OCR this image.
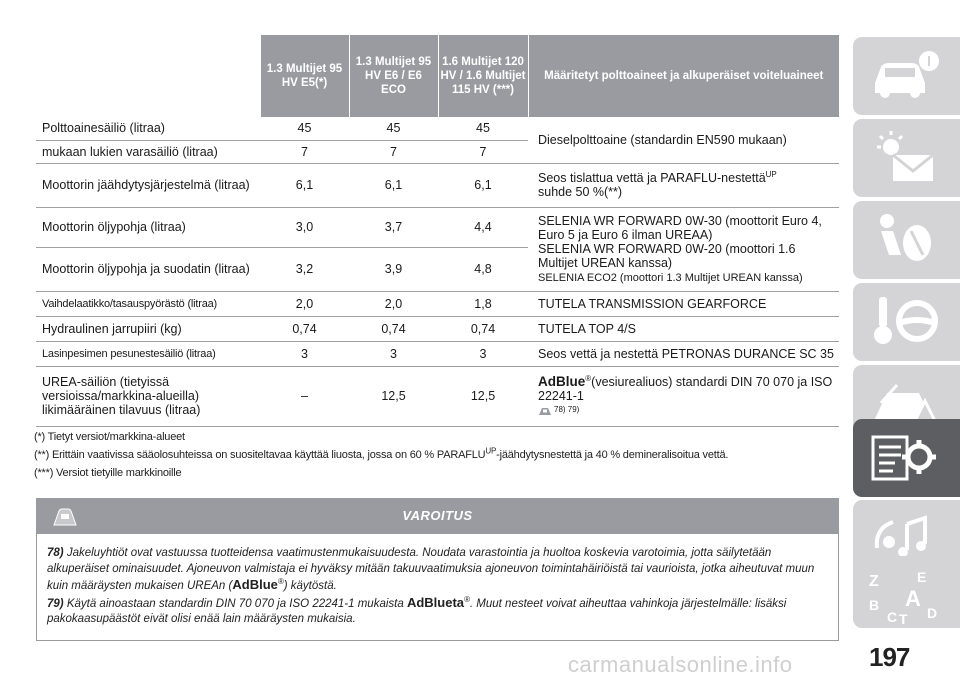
	1.3 Multijet 95 HV E5(*)	1.3 Multijet 95 HV E6 / E6 ECO	1.6 Multijet 120 HV / 1.6 Multijet 115 HV (***)	Määritetyt polttoaineet ja alkuperäiset voiteluaineet
Polttoainesäiliö (litraa)	45	45	45	Dieselpolttoaine (standardin EN590 mukaan)
mukaan lukien varasäiliö (litraa)	7	7	7	
Moottorin jäähdytysjärjestelmä (litraa)	6,1	6,1	6,1	Seos tislattua vettä ja PARAFLU-nestettä$^{UP}$
suhde 50 %(**)
Moottorin öljypohja (litraa)	3,0	3,7	4,4	SELENIA WR FORWARD 0W-30 (moottorit Euro 4, Euro 5 ja Euro 6 ilman UREAA)
SELENIA WR FORWARD 0W-20 (moottori 1.6 Multijet UREAN kanssa)
SELENIA ECO2 (moottori 1.3 Multijet UREAN kanssa)
Moottorin öljypohja ja suodatin (litraa)	3,2	3,9	4,8	
Vaihdelaatikko/tasauspyörästö (litraa)	2,0	2,0	1,8	TUTELA TRANSMISSION GEARFORCE
Hydraulinen jarrupiiri (kg)	0,74	0,74	0,74	TUTELA TOP 4/S
Lasinpesimen pesunestesäiliö (litraa)	3	3	3	Seos vettä ja nestettä PETRONAS DURANCE SC 35
UREA-säiliön (tietyissä versioissa/markkina-alueilla) likimääräinen tilavuus (litraa)	–	12,5	12,5	AdBlue®(vesiurealiuos) standardi DIN 70 070 ja ISO 22241-1
78) 79)
(*) Tietyt versiot/markkina-alueet
(**) Erittäin vaativissa sääolosuhteissa on suositeltavaa käyttää liuosta, jossa on 60 % $PARAFLU^{UP}$-jäähdytysnestettä ja 40 % demineralisoitua vettä.
(***) Versiot tietyille markkinoille
VAROITUS

78) Jakeluyhtiöt ovat vastuussa tuotteidensa vaatimustenmukaisuudesta. Noudata varastointia ja huoltoa koskevia varotoimia, jotta säilytetään alkuperäiset ominaisuudet. Ajoneuvon valmistaja ei hyväksy mitään takuuvaatimuksia ajoneuvon toimintahäiriöistä tai vaurioista, jotka aiheutuvat muun kuin määräysten mukaisen UREAn (AdBlue®) käytöstä.

79) Käytä ainoastaan standardin DIN 70 070 ja ISO 22241-1 mukaista AdBlueta®. Muut nesteet voivat aiheuttaa vahinkoja järjestelmälle: lisäksi pakokaasupäästöt eivät olisi enää lain määräysten mukaisia.

Z	E
B A
C T D
carmanualsonline.info	197
